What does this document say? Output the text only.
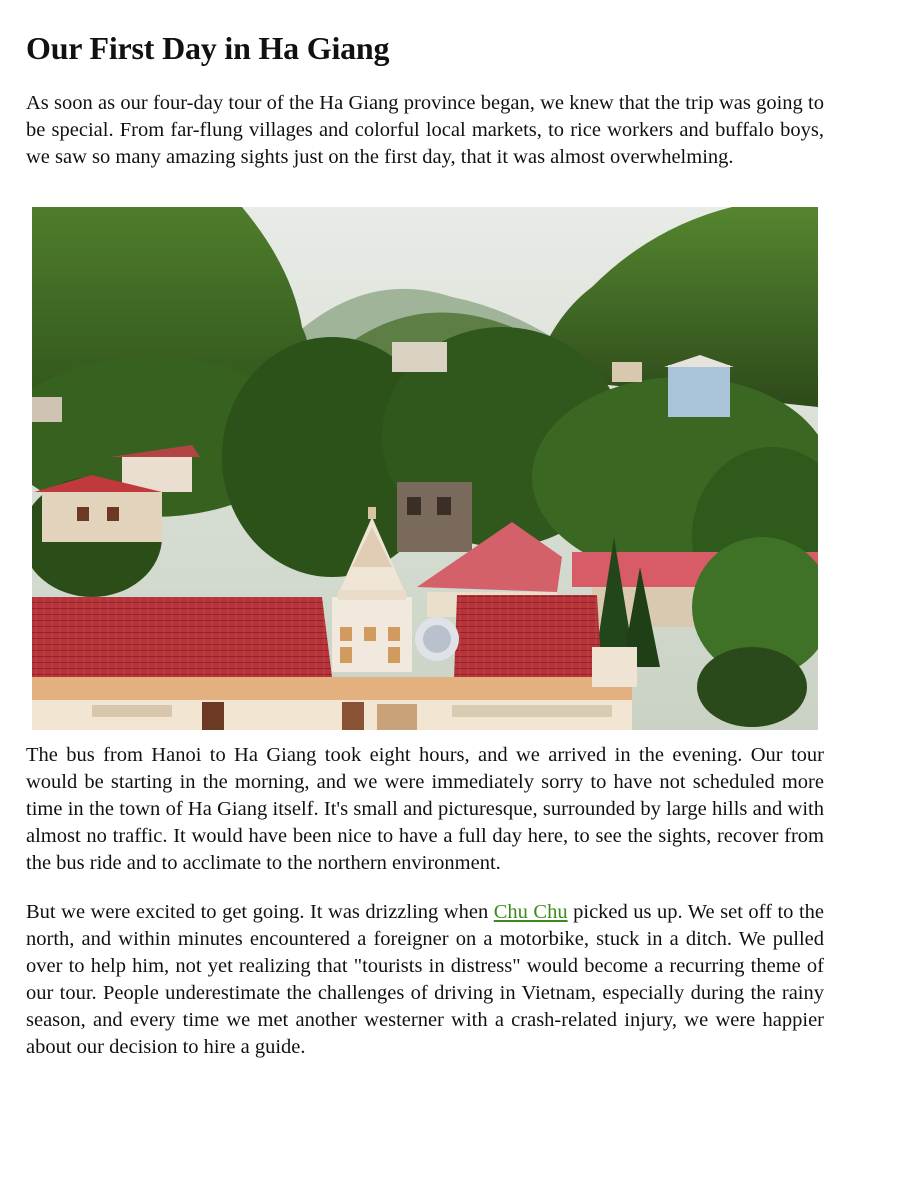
Our First Day in Ha Giang

As soon as our four-day tour of the Ha Giang province began, we knew that the trip was going to be special. From far-flung villages and colorful local markets, to rice workers and buffalo boys, we saw so many amazing sights just on the first day, that it was almost overwhelming.

The bus from Hanoi to Ha Giang took eight hours, and we arrived in the evening. Our tour would be starting in the morning, and we were immediately sorry to have not scheduled more time in the town of Ha Giang itself. It's small and picturesque, surrounded by large hills and with almost no traffic. It would have been nice to have a full day here, to see the sights, recover from the bus ride and to acclimate to the northern environment.

But we were excited to get going. It was drizzling when Chu Chu picked us up. We set off to the north, and within minutes encountered a foreigner on a motorbike, stuck in a ditch. We pulled over to help him, not yet realizing that "tourists in distress" would become a recurring theme of our tour. People underestimate the challenges of driving in Vietnam, especially during the rainy season, and every time we met another westerner with a crash-related injury, we were happier about our decision to hire a guide.
